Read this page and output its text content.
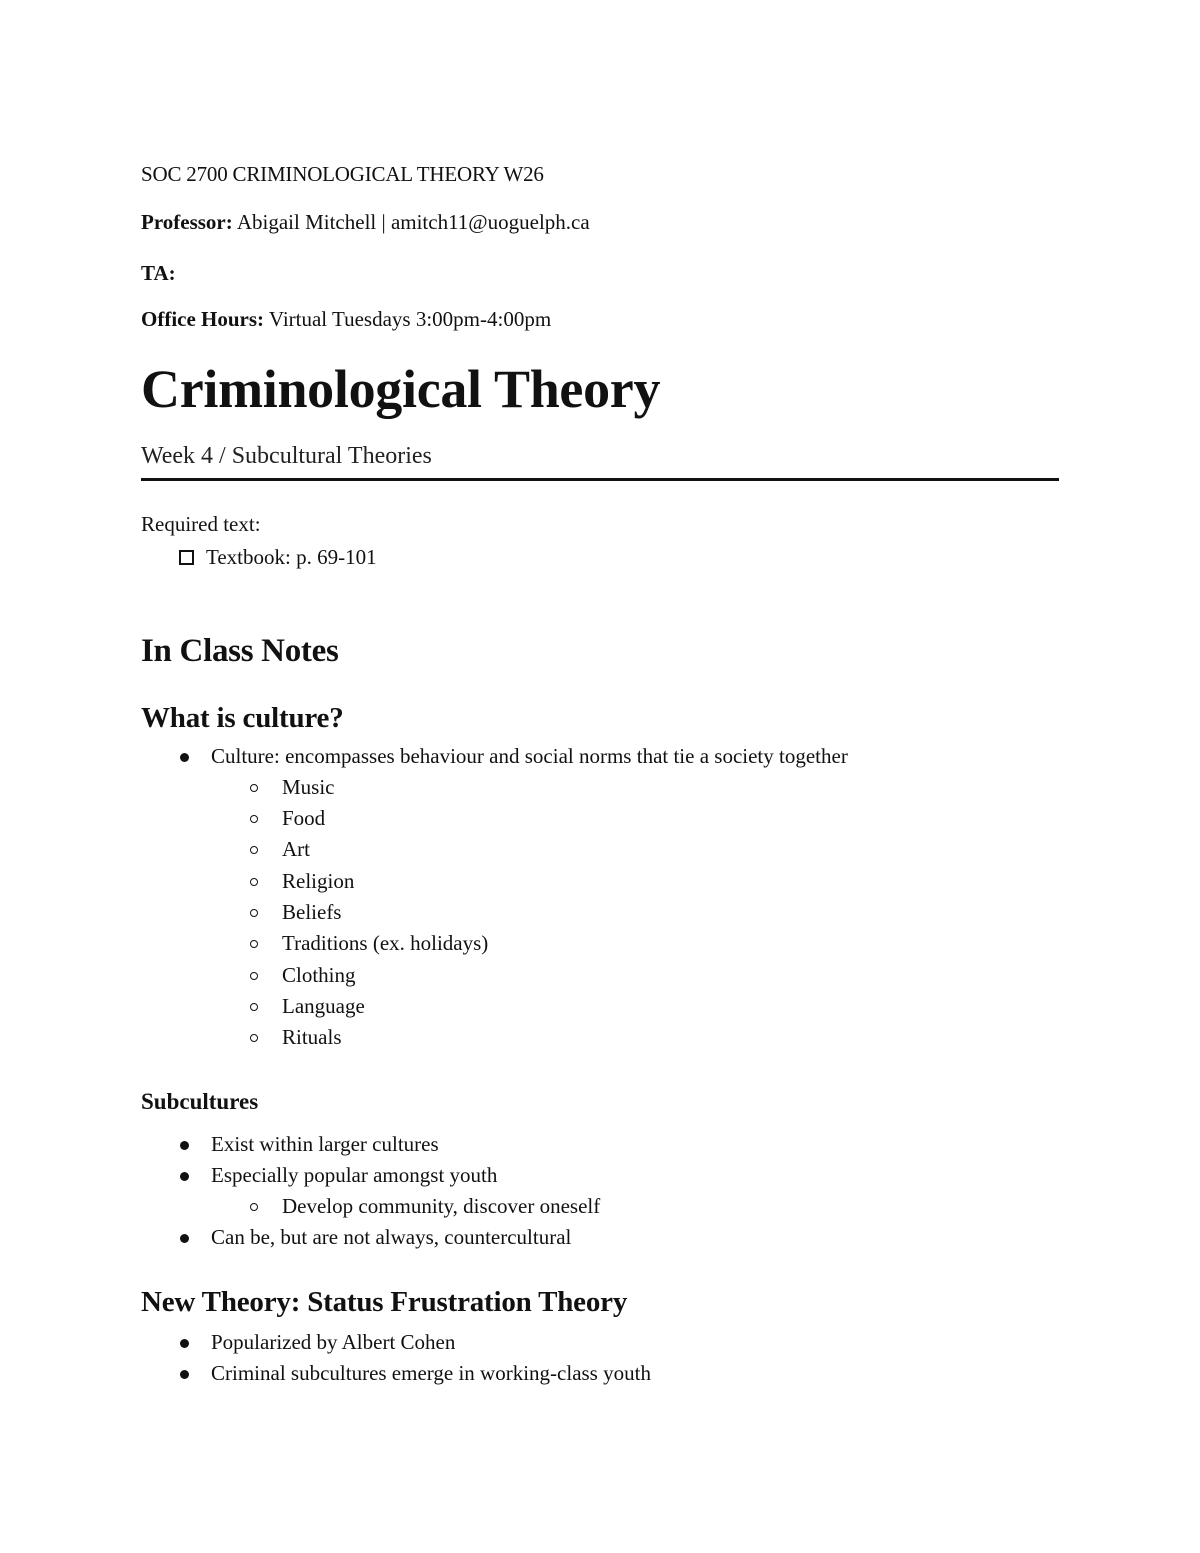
SOC 2700 CRIMINOLOGICAL THEORY W26
Professor: Abigail Mitchell | amitch11@uoguelph.ca
TA:
Office Hours: Virtual Tuesdays 3:00pm-4:00pm
Criminological Theory
Week 4 / Subcultural Theories
Required text:
Textbook: p. 69-101
In Class Notes
What is culture?
Culture: encompasses behaviour and social norms that tie a society together
Music
Food
Art
Religion
Beliefs
Traditions (ex. holidays)
Clothing
Language
Rituals
Subcultures
Exist within larger cultures
Especially popular amongst youth
Develop community, discover oneself
Can be, but are not always, countercultural
New Theory: Status Frustration Theory
Popularized by Albert Cohen
Criminal subcultures emerge in working-class youth
